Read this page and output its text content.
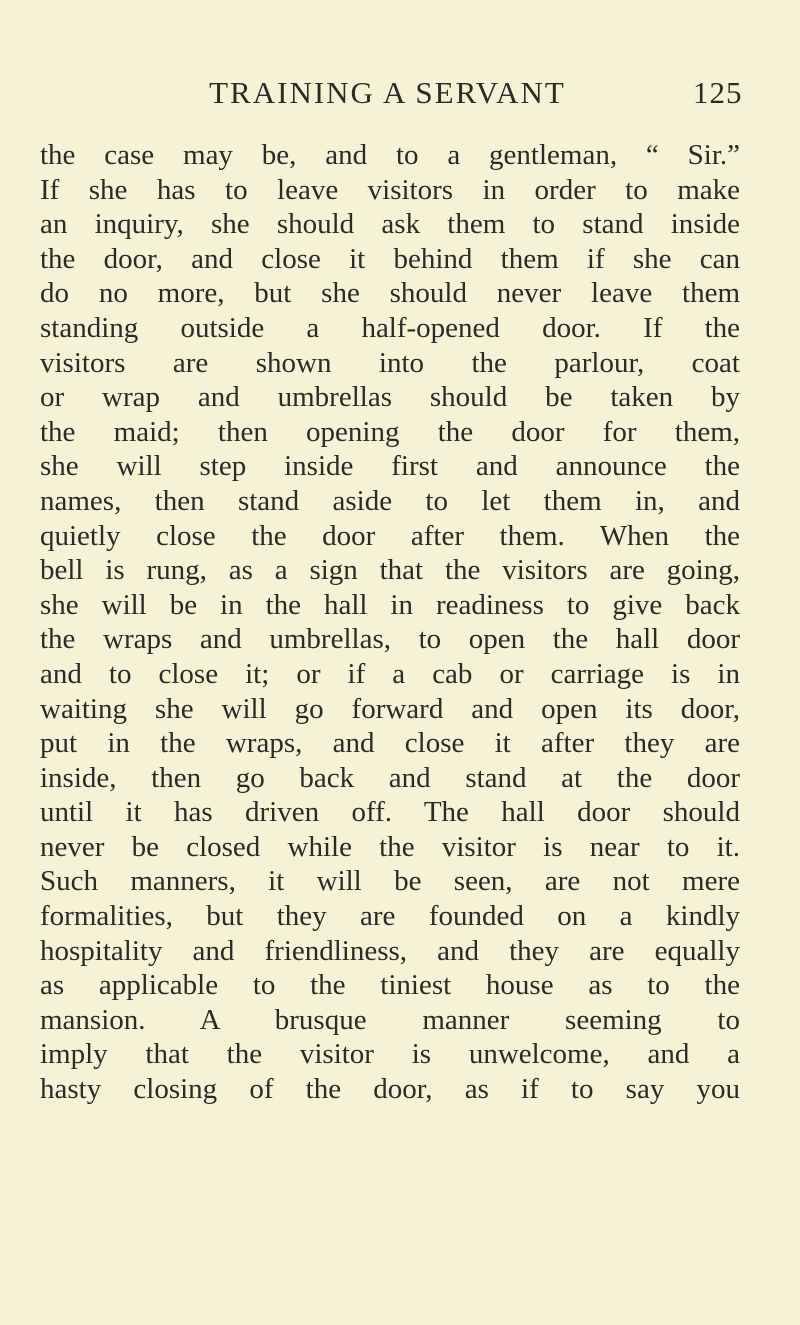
TRAINING A SERVANT	125
the case may be, and to a gentleman, “ Sir.”
If she has to leave visitors in order to make
an inquiry, she should ask them to stand inside
the door, and close it behind them if she can
do no more, but she should never leave them
standing outside a half-opened door. If the
visitors are shown into the parlour, coat
or wrap and umbrellas should be taken by
the maid; then opening the door for them,
she will step inside first and announce the
names, then stand aside to let them in, and
quietly close the door after them. When the
bell is rung, as a sign that the visitors are going,
she will be in the hall in readiness to give back
the wraps and umbrellas, to open the hall door
and to close it; or if a cab or carriage is in
waiting she will go forward and open its door,
put in the wraps, and close it after they are
inside, then go back and stand at the door
until it has driven off. The hall door should
never be closed while the visitor is near to it.
Such manners, it will be seen, are not mere
formalities, but they are founded on a kindly
hospitality and friendliness, and they are equally
as applicable to the tiniest house as to the
mansion. A brusque manner seeming to
imply that the visitor is unwelcome, and a
hasty closing of the door, as if to say you
